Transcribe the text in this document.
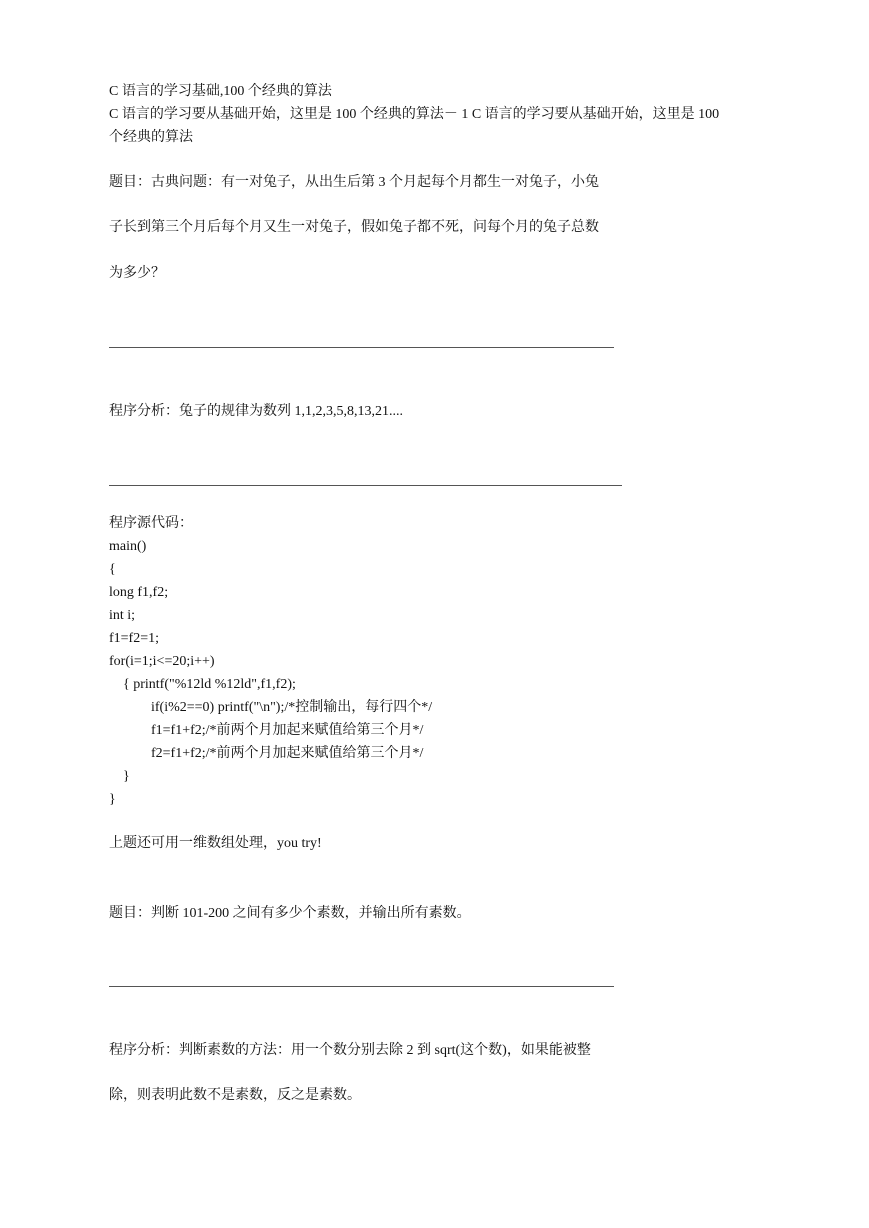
C 语言的学习基础,100 个经典的算法
C 语言的学习要从基础开始，这里是 100 个经典的算法－ 1 C 语言的学习要从基础开始，这里是 100
个经典的算法
题目：古典问题：有一对兔子，从出生后第 3 个月起每个月都生一对兔子，小兔
子长到第三个月后每个月又生一对兔子，假如兔子都不死，问每个月的兔子总数
为多少？
程序分析：兔子的规律为数列 1,1,2,3,5,8,13,21....
程序源代码：
main()
{
long f1,f2;
int i;
f1=f2=1;
for(i=1;i<=20;i++)
{ printf("%12ld %12ld",f1,f2);
if(i%2==0) printf("\n");/*控制输出，每行四个*/
f1=f1+f2;/*前两个月加起来赋值给第三个月*/
f2=f1+f2;/*前两个月加起来赋值给第三个月*/
}
}
上题还可用一维数组处理，you try!
题目：判断 101-200 之间有多少个素数，并输出所有素数。
程序分析：判断素数的方法：用一个数分别去除 2 到 sqrt(这个数)，如果能被整
除，则表明此数不是素数，反之是素数。
